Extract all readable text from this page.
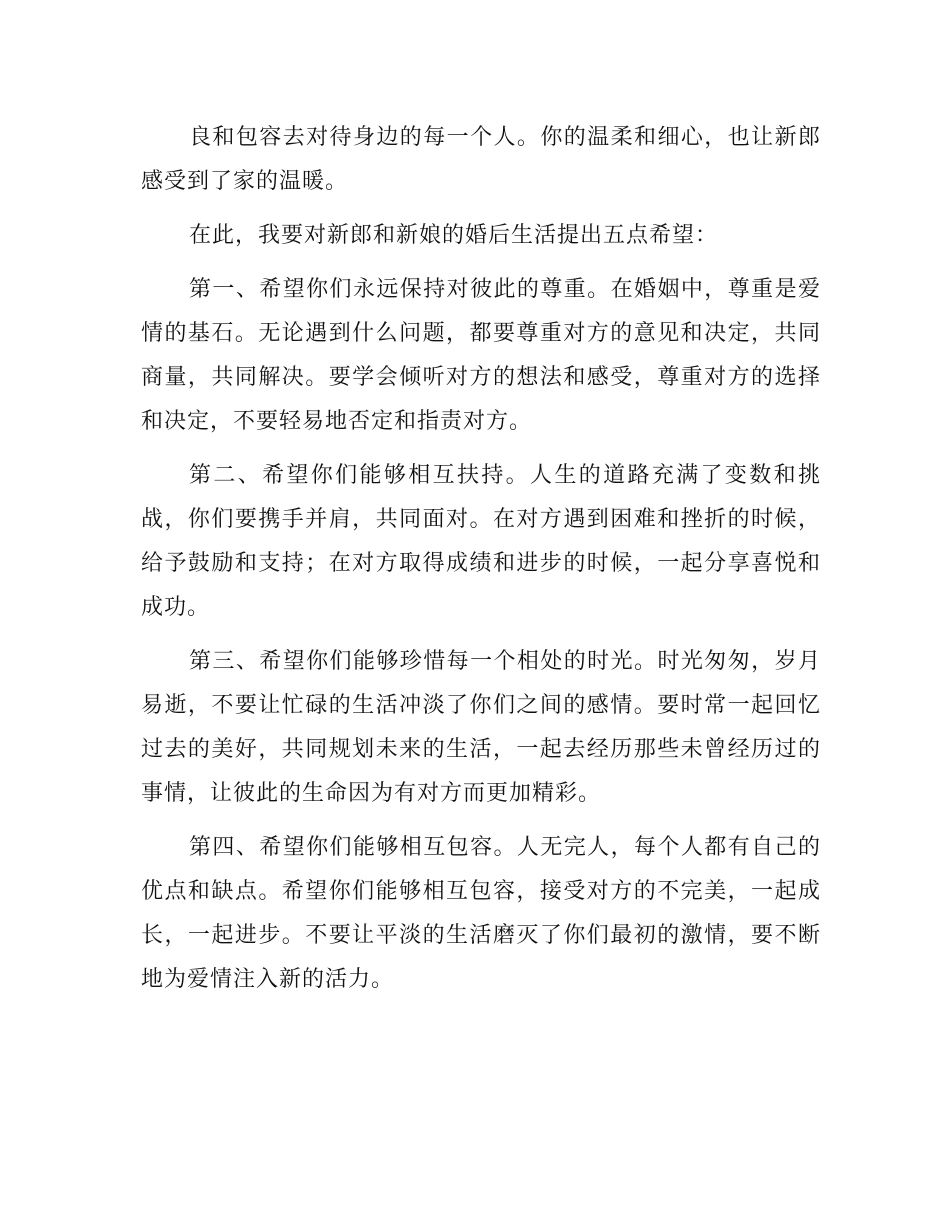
良和包容去对待身边的每一个人。你的温柔和细心，也让新郎感受到了家的温暖。

在此，我要对新郎和新娘的婚后生活提出五点希望：

第一、希望你们永远保持对彼此的尊重。在婚姻中，尊重是爱情的基石。无论遇到什么问题，都要尊重对方的意见和决定，共同商量，共同解决。要学会倾听对方的想法和感受，尊重对方的选择和决定，不要轻易地否定和指责对方。

第二、希望你们能够相互扶持。人生的道路充满了变数和挑战，你们要携手并肩，共同面对。在对方遇到困难和挫折的时候，给予鼓励和支持；在对方取得成绩和进步的时候，一起分享喜悦和成功。

第三、希望你们能够珍惜每一个相处的时光。时光匆匆，岁月易逝，不要让忙碌的生活冲淡了你们之间的感情。要时常一起回忆过去的美好，共同规划未来的生活，一起去经历那些未曾经历过的事情，让彼此的生命因为有对方而更加精彩。

第四、希望你们能够相互包容。人无完人，每个人都有自己的优点和缺点。希望你们能够相互包容，接受对方的不完美，一起成长，一起进步。不要让平淡的生活磨灭了你们最初的激情，要不断地为爱情注入新的活力。
